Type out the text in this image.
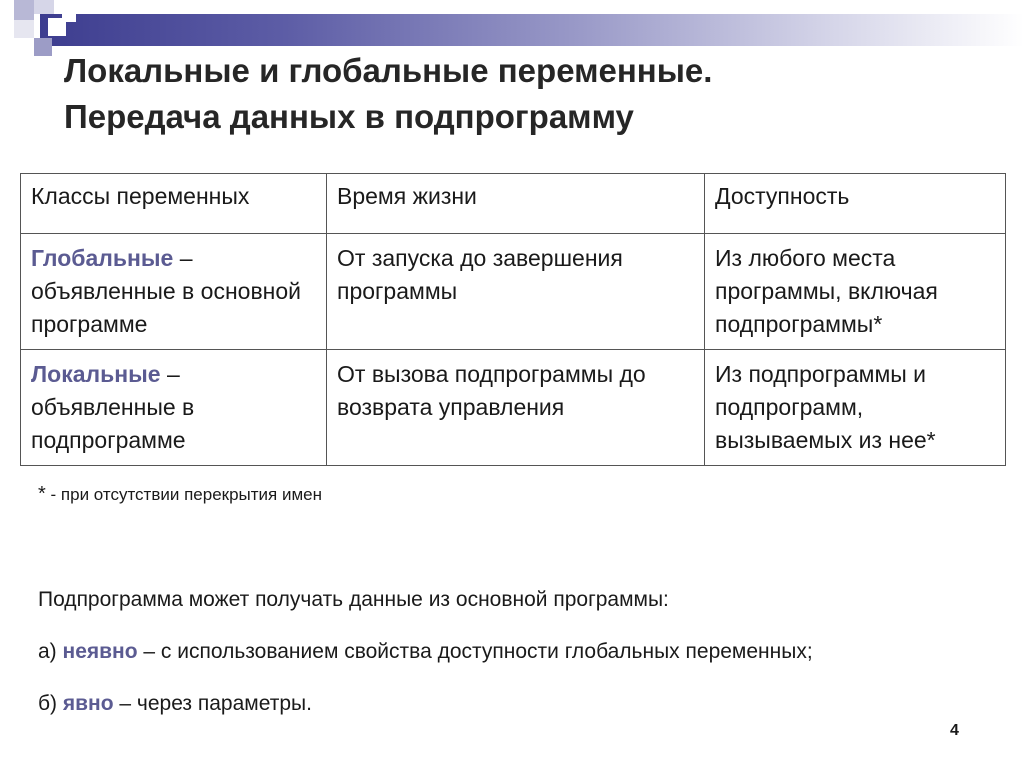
Локальные и глобальные переменные.
Передача данных в подпрограмму
Классы переменных	Время жизни	Доступность
Глобальные – объявленные в основной программе	От запуска до завершения программы	Из любого места программы, включая подпрограммы*
Локальные – объявленные в подпрограмме	От вызова подпрограммы до возврата управления	Из подпрограммы и подпрограмм, вызываемых из нее*
* - при отсутствии перекрытия имен
Подпрограмма может получать данные из основной программы:
а) неявно – с использованием свойства доступности глобальных переменных;
б) явно – через параметры.
4
